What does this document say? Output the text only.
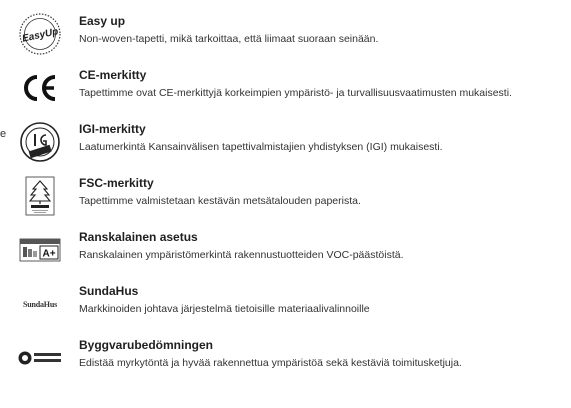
e
EasyUp
Easy up
Non-woven-tapetti, mikä tarkoittaa, että liimaat suoraan seinään.
CE-merkitty
Tapettimme ovat CE-merkittyjä korkeimpien ympäristö- ja turvallisuusvaatimusten mukaisesti.
IGI-merkitty
Laatumerkintä Kansainvälisen tapettivalmistajien yhdistyksen (IGI) mukaisesti.
FSC-merkitty
Tapettimme valmistetaan kestävän metsätalouden paperista.
A+
Ranskalainen asetus
Ranskalainen ympäristömerkintä rakennustuotteiden VOC-päästöistä.
SundaHus
SundaHus
Markkinoiden johtava järjestelmä tietoisille materiaalivalinnoille
Byggvarubedömningen
Edistää myrkytöntä ja hyvää rakennettua ympäristöä sekä kestäviä toimitusketjuja.
